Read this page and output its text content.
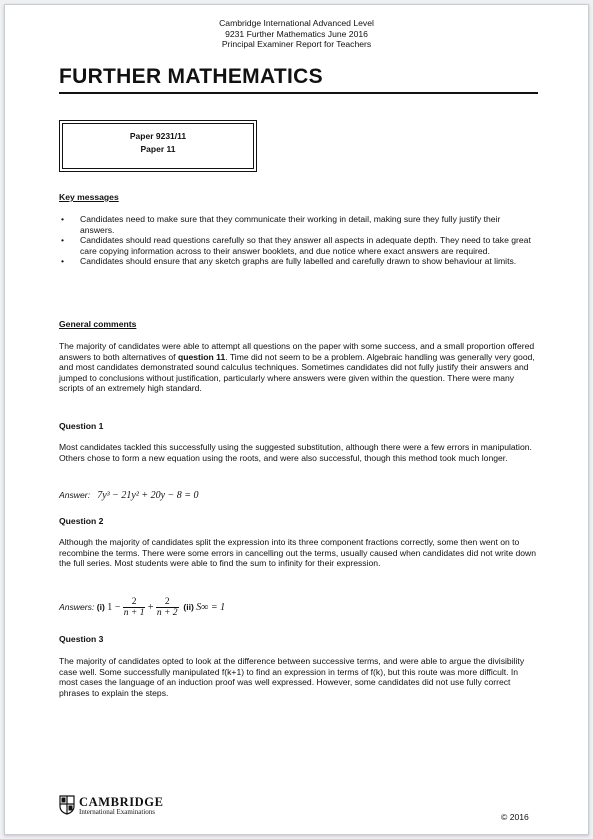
Cambridge International Advanced Level
9231 Further Mathematics June 2016
Principal Examiner Report for Teachers
FURTHER MATHEMATICS
Paper 9231/11
Paper 11
Key messages
• Candidates need to make sure that they communicate their working in detail, making sure they fully justify their answers.
• Candidates should read questions carefully so that they answer all aspects in adequate depth. They need to take great care copying information across to their answer booklets, and due notice where exact answers are required.
• Candidates should ensure that any sketch graphs are fully labelled and carefully drawn to show behaviour at limits.
General comments
The majority of candidates were able to attempt all questions on the paper with some success, and a small proportion offered answers to both alternatives of question 11. Time did not seem to be a problem. Algebraic handling was generally very good, and most candidates demonstrated sound calculus techniques. Sometimes candidates did not fully justify their answers and jumped to conclusions without justification, particularly where answers were given within the question. There were many scripts of an extremely high standard.
Question 1
Most candidates tackled this successfully using the suggested substitution, although there were a few errors in manipulation. Others chose to form a new equation using the roots, and were also successful, though this method took much longer.
Answer: 7y³ − 21y² + 20y − 8 = 0
Question 2
Although the majority of candidates split the expression into its three component fractions correctly, some then went on to recombine the terms. There were some errors in cancelling out the terms, usually caused when candidates did not write down the full series. Most students were able to find the sum to infinity for their expression.
Answers: (i) $1 - \frac{2}{n + 1} + \frac{2}{n + 2} (ii) S\infty = 1$
Question 3
The majority of candidates opted to look at the difference between successive terms, and were able to argue the divisibility case well. Some successfully manipulated f(k+1) to find an expression in terms of f(k), but this route was more difficult. In most cases the language of an induction proof was well expressed. However, some candidates did not use fully correct phrases to explain the steps.
CAMBRIDGE
International Examinations	© 2016
